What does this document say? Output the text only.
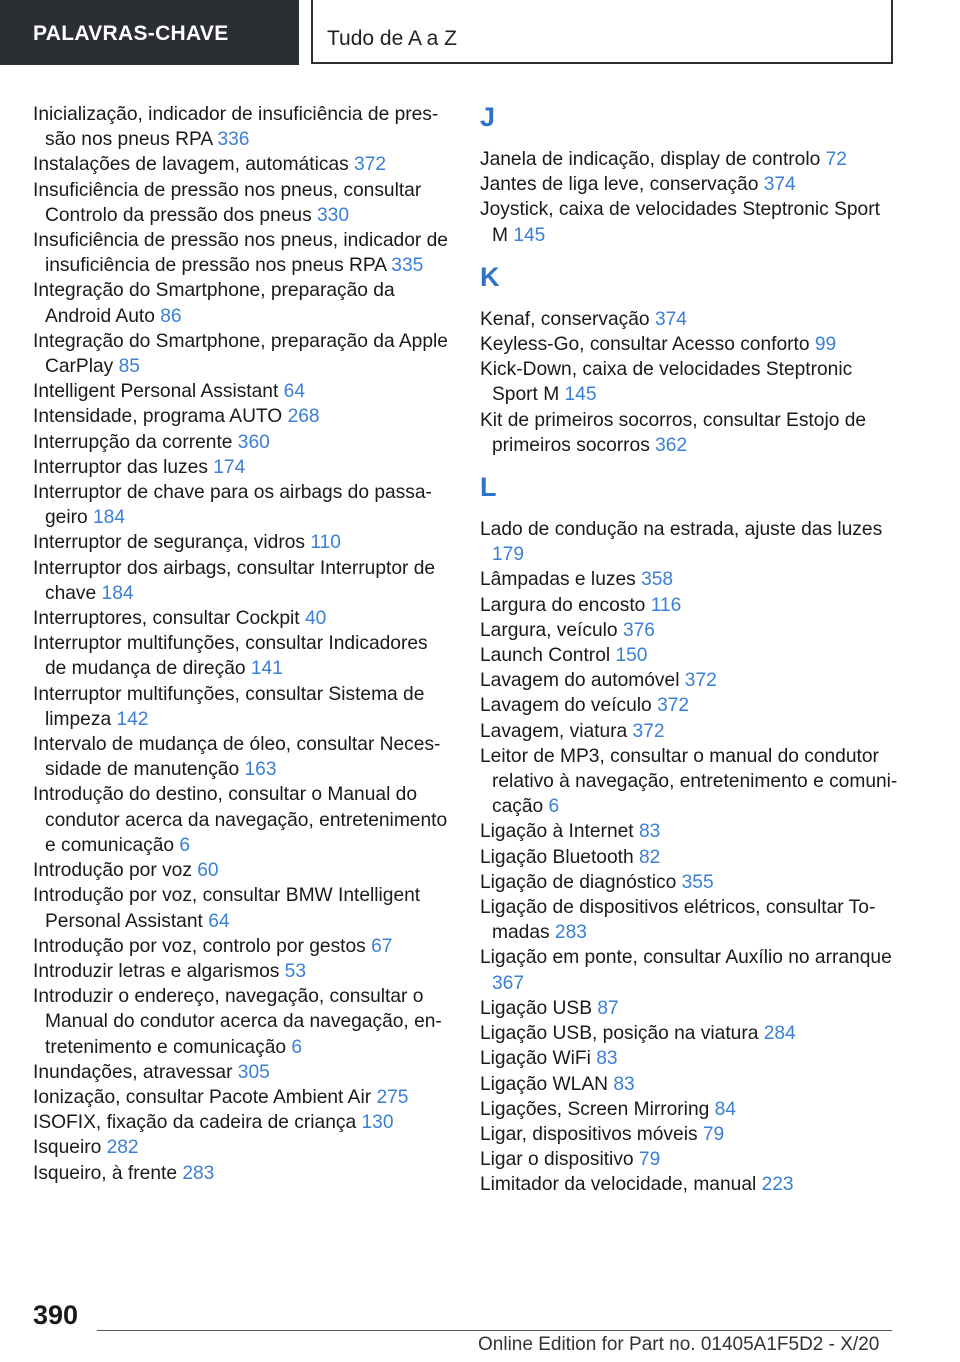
PALAVRAS-CHAVE	Tudo de A a Z
Inicialização, indicador de insuficiência de pressão nos pneus RPA 336
Instalações de lavagem, automáticas 372
Insuficiência de pressão nos pneus, consultar Controlo da pressão dos pneus 330
Insuficiência de pressão nos pneus, indicador de insuficiência de pressão nos pneus RPA 335
Integração do Smartphone, preparação da Android Auto 86
Integração do Smartphone, preparação da Apple CarPlay 85
Intelligent Personal Assistant 64
Intensidade, programa AUTO 268
Interrupção da corrente 360
Interruptor das luzes 174
Interruptor de chave para os airbags do passageiro 184
Interruptor de segurança, vidros 110
Interruptor dos airbags, consultar Interruptor de chave 184
Interruptores, consultar Cockpit 40
Interruptor multifunções, consultar Indicadores de mudança de direção 141
Interruptor multifunções, consultar Sistema de limpeza 142
Intervalo de mudança de óleo, consultar Necessidade de manutenção 163
Introdução do destino, consultar o Manual do condutor acerca da navegação, entretenimento e comunicação 6
Introdução por voz 60
Introdução por voz, consultar BMW Intelligent Personal Assistant 64
Introdução por voz, controlo por gestos 67
Introduzir letras e algarismos 53
Introduzir o endereço, navegação, consultar o Manual do condutor acerca da navegação, entretenimento e comunicação 6
Inundações, atravessar 305
Ionização, consultar Pacote Ambient Air 275
ISOFIX, fixação da cadeira de criança 130
Isqueiro 282
Isqueiro, à frente 283
J
Janela de indicação, display de controlo 72
Jantes de liga leve, conservação 374
Joystick, caixa de velocidades Steptronic Sport M 145
K
Kenaf, conservação 374
Keyless-Go, consultar Acesso conforto 99
Kick-Down, caixa de velocidades Steptronic Sport M 145
Kit de primeiros socorros, consultar Estojo de primeiros socorros 362
L
Lado de condução na estrada, ajuste das luzes 179
Lâmpadas e luzes 358
Largura do encosto 116
Largura, veículo 376
Launch Control 150
Lavagem do automóvel 372
Lavagem do veículo 372
Lavagem, viatura 372
Leitor de MP3, consultar o manual do condutor relativo à navegação, entretenimento e comunicação 6
Ligação à Internet 83
Ligação Bluetooth 82
Ligação de diagnóstico 355
Ligação de dispositivos elétricos, consultar Tomadas 283
Ligação em ponte, consultar Auxílio no arranque 367
Ligação USB 87
Ligação USB, posição na viatura 284
Ligação WiFi 83
Ligação WLAN 83
Ligações, Screen Mirroring 84
Ligar, dispositivos móveis 79
Ligar o dispositivo 79
Limitador da velocidade, manual 223
390
Online Edition for Part no. 01405A1F5D2 - X/20
